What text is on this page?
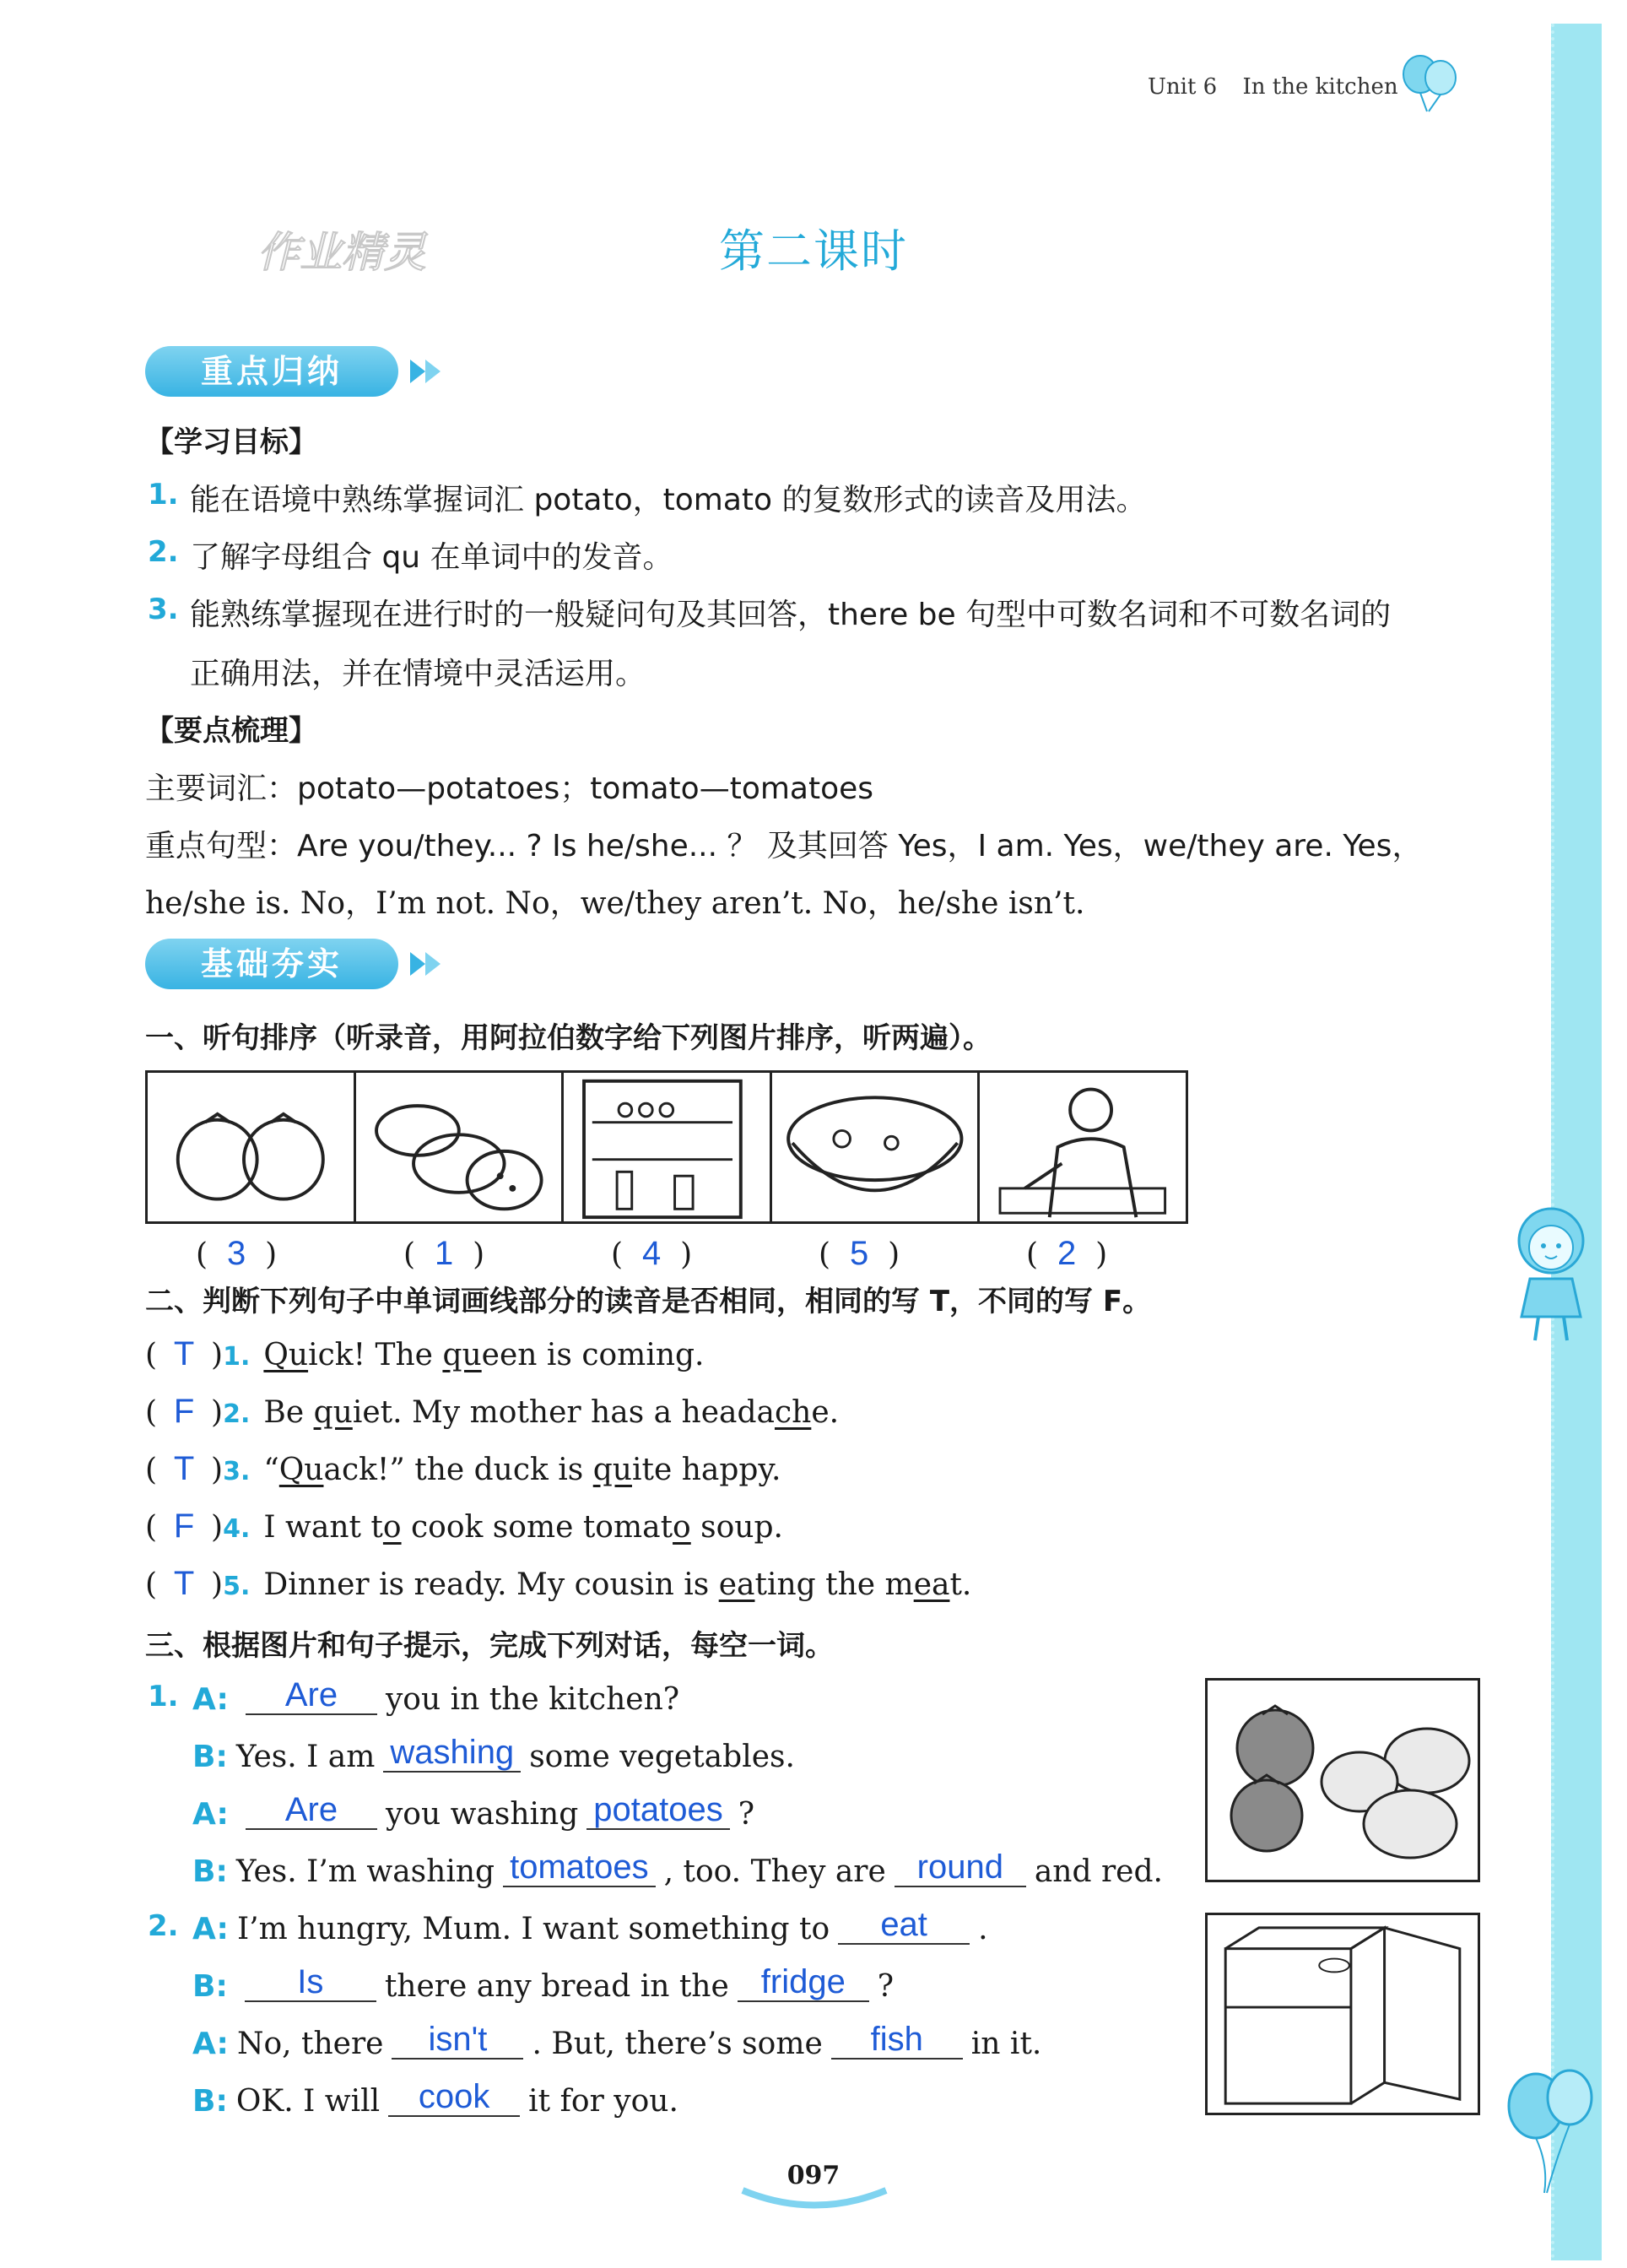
Unit 6 In the kitchen
作业精灵	第二课时
重点归纳
【学习目标】
1. 能在语境中熟练掌握词汇 potato，tomato 的复数形式的读音及用法。
2. 了解字母组合 qu 在单词中的发音。
3. 能熟练掌握现在进行时的一般疑问句及其回答，there be 句型中可数名词和不可数名词的
正确用法，并在情境中灵活运用。
【要点梳理】
主要词汇：potato—potatoes；tomato—tomatoes
重点句型：Are you/they... ? Is he/she... ？ 及其回答 Yes，I am. Yes，we/they are. Yes，
he/she is. No，I’m not. No，we/they aren’t. No，he/she isn’t.
基础夯实
一、听句排序（听录音，用阿拉伯数字给下列图片排序，听两遍）。
(  3  )	(  1  )	(  4  )	(  5  )	(  2  )
二、判断下列句子中单词画线部分的读音是否相同，相同的写 T，不同的写 F。
( T )1. Quick! The queen is coming.
( F )2. Be quiet. My mother has a headache.
( T )3. “Quack!” the duck is quite happy.
( F )4. I want to cook some tomato soup.
( T )5. Dinner is ready. My cousin is eating the meat.
三、根据图片和句子提示，完成下列对话，每空一词。
1. A: Are you in the kitchen?
B: Yes. I am washing some vegetables.
A: Are you washing potatoes ?
B: Yes. I’m washing tomatoes , too. They are round and red.
2. A: I’m hungry, Mum. I want something to eat .
B: Is there any bread in the fridge ?
A: No, there isn't . But, there’s some fish in it.
B: OK. I will cook it for you.
097
